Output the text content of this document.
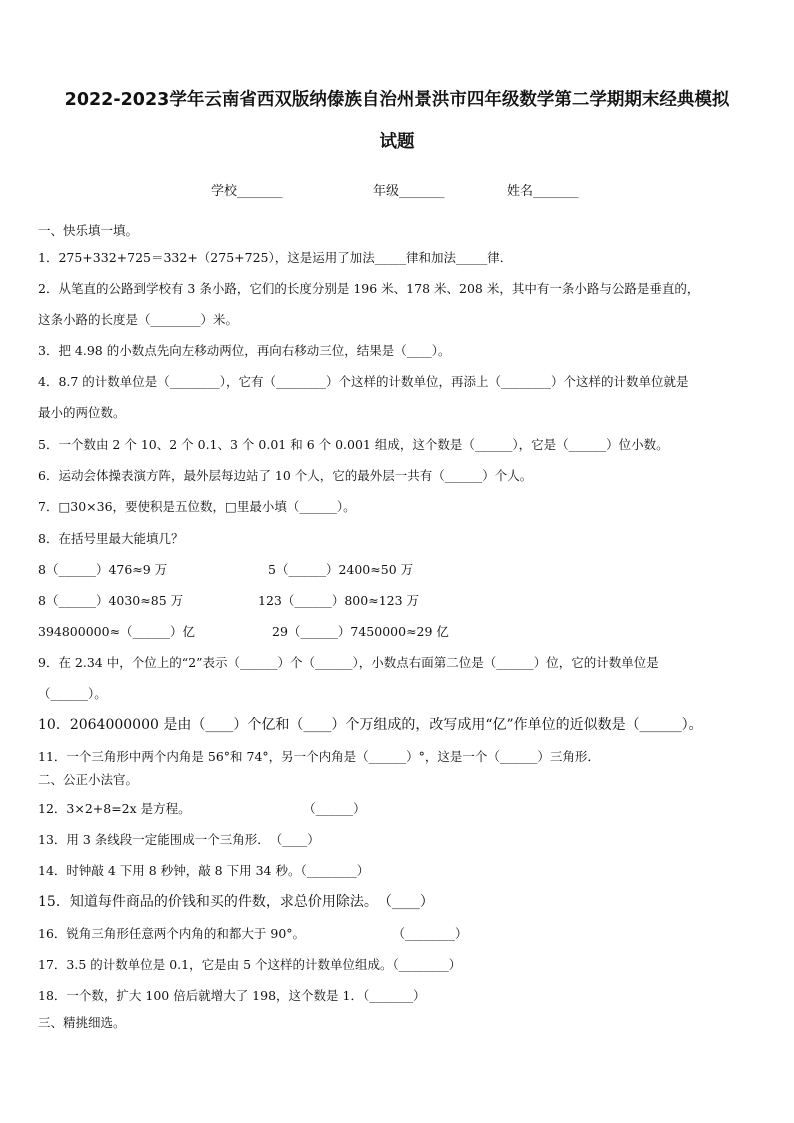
2022-2023学年云南省西双版纳傣族自治州景洪市四年级数学第二学期期末经典模拟
试题
学校_______	年级_______	姓名_______
一、快乐填一填。
1．275+332+725＝332+（275+725），这是运用了加法_____律和加法_____律．
2．从笔直的公路到学校有 3 条小路，它们的长度分别是 196 米、178 米、208 米，其中有一条小路与公路是垂直的，
这条小路的长度是（________）米。
3．把 4.98 的小数点先向左移动两位，再向右移动三位，结果是（____）。
4．8.7 的计数单位是（________），它有（________）个这样的计数单位，再添上（________）个这样的计数单位就是
最小的两位数。
5．一个数由 2 个 10、2 个 0.1、3 个 0.01 和 6 个 0.001 组成，这个数是（______），它是（______）位小数。
6．运动会体操表演方阵，最外层每边站了 10 个人，它的最外层一共有（______）个人。
7．□30×36，要使积是五位数，□里最小填（______）。
8．在括号里最大能填几？
8（______）476≈9 万	5（______）2400≈50 万
8（______）4030≈85 万	123（______）800≈123 万
394800000≈（______）亿	29（______）7450000≈29 亿
9．在 2.34 中，个位上的“2”表示（______）个（______），小数点右面第二位是（______）位，它的计数单位是
（______）。
10．2064000000 是由（____）个亿和（____）个万组成的，改写成用“亿”作单位的近似数是（______）。
11．一个三角形中两个内角是 56°和 74°，另一个内角是（______）°，这是一个（______）三角形．
二、公正小法官。
12．3×2+8=2x 是方程。　　　　　　　　　　（______）
13．用 3 条线段一定能围成一个三角形．　（____）
14．时钟敲 4 下用 8 秒钟，敲 8 下用 34 秒。（________）
15．知道每件商品的价钱和买的件数，求总价用除法。　（____）
16．锐角三角形任意两个内角的和都大于 90°。　　　　　　　　（________）
17．3.5 的计数单位是 0.1，它是由 5 个这样的计数单位组成。（________）
18．一个数，扩大 100 倍后就增大了 198，这个数是 1．（_______）
三、精挑细选。
